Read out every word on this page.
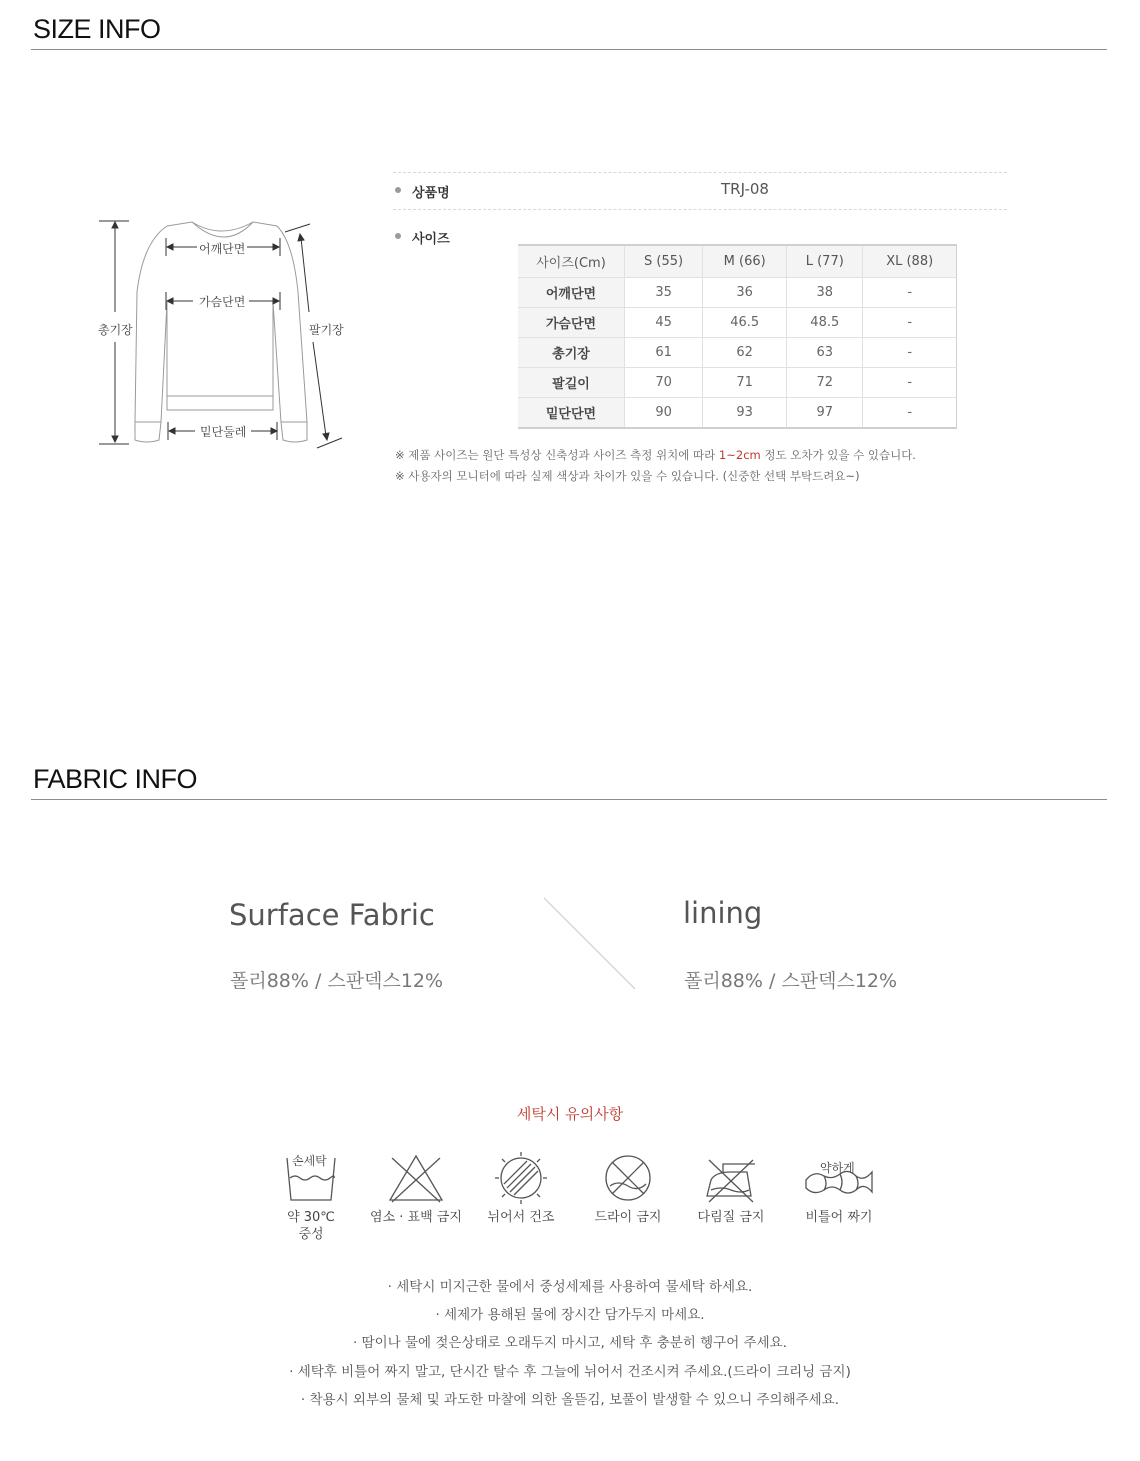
SIZE INFO
어깨단면
가슴단면
총기장	팔기장
밑단둘레
상품명	TRJ-08
사이즈
사이즈(Cm)	S (55)	M (66)	L (77)	XL (88)
어깨단면	35	36	38	-
가슴단면	45	46.5	48.5	-
총기장	61	62	63	-
팔길이	70	71	72	-
밑단단면	90	93	97	-
※ 제품 사이즈는 원단 특성상 신축성과 사이즈 측정 위치에 따라 1~2cm 정도 오차가 있을 수 있습니다.
※ 사용자의 모니터에 따라 실제 색상과 차이가 있을 수 있습니다. (신중한 선택 부탁드려요~)
FABRIC INFO
Surface Fabric
폴리88% / 스판덱스12%
lining
폴리88% / 스판덱스12%
세탁시 유의사항
약 30℃
중성
손세탁
염소 · 표백 금지	뉘어서 건조	드라이 금지	다림질 금지	비틀어 짜기
약하게
· 세탁시 미지근한 물에서 중성세제를 사용하여 물세탁 하세요.
· 세제가 용해된 물에 장시간 담가두지 마세요.
· 땀이나 물에 젖은상태로 오래두지 마시고, 세탁 후 충분히 헹구어 주세요.
· 세탁후 비틀어 짜지 말고, 단시간 탈수 후 그늘에 뉘어서 건조시켜 주세요.(드라이 크리닝 금지)
· 착용시 외부의 물체 및 과도한 마찰에 의한 올뜯김, 보풀이 발생할 수 있으니 주의해주세요.
